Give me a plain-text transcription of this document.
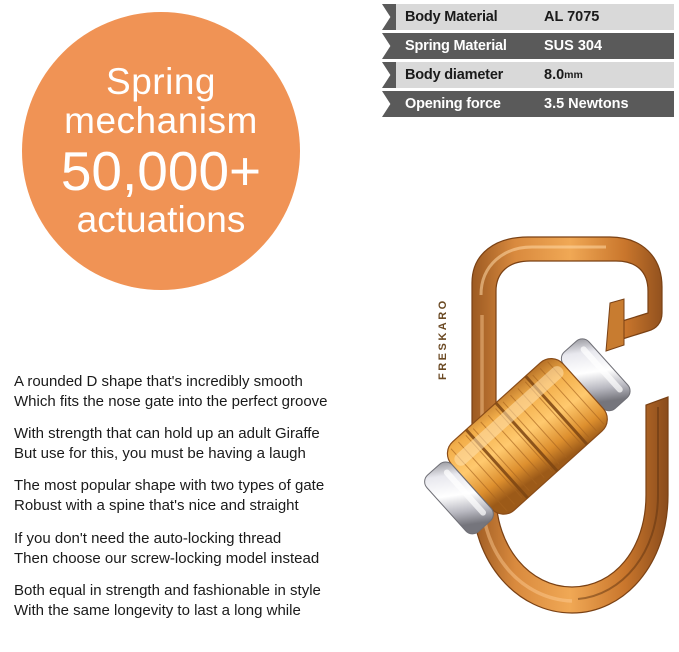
Body Material	AL 7075
Spring Material	SUS 304
Body diameter	8.0 mm
Opening force	3.5 Newtons
Spring
mechanism
50,000+
actuations
A rounded D shape that's incredibly smooth
Which fits the nose gate into the perfect groove
With strength that can hold up an adult Giraffe
But use for this, you must be having a laugh
The most popular shape with two types of gate
Robust with a spine that's nice and straight
If you don't need the auto-locking thread
Then choose our screw-locking model instead
Both equal in strength and fashionable in style
With the same longevity to last a long while
FRESKARO
